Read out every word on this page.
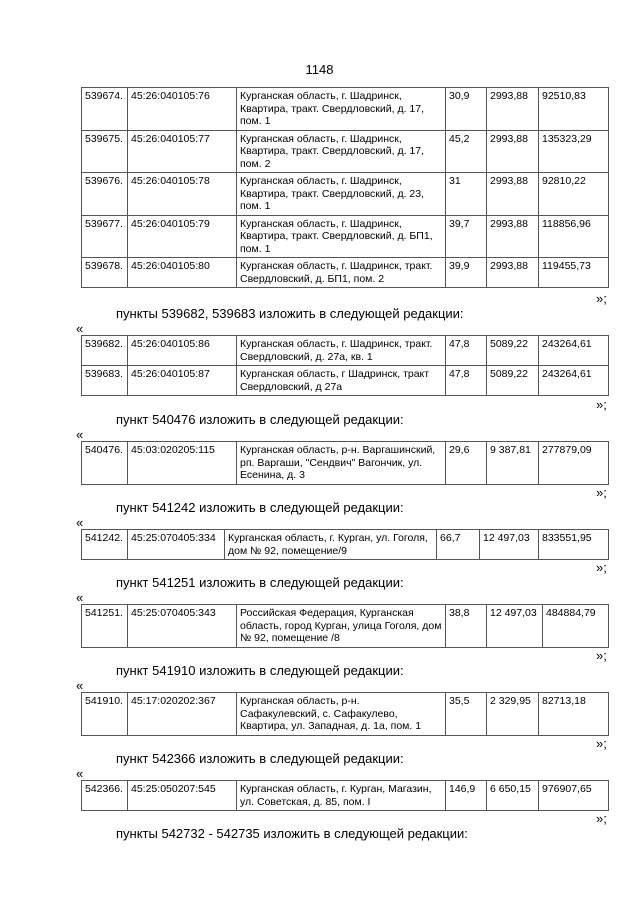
1148
539674.	45:26:040105:76	Курганская область, г. Шадринск, Квартира, тракт. Свердловский, д. 17, пом. 1	30,9	2993,88	92510,83
539675.	45:26:040105:77	Курганская область, г. Шадринск, Квартира, тракт. Свердловский, д. 17, пом. 2	45,2	2993,88	135323,29
539676.	45:26:040105:78	Курганская область, г. Шадринск, Квартира, тракт. Свердловский, д. 23, пом. 1	31	2993,88	92810,22
539677.	45:26:040105:79	Курганская область, г. Шадринск, Квартира, тракт. Свердловский, д. БП1, пом. 1	39,7	2993,88	118856,96
539678.	45:26:040105:80	Курганская область, г. Шадринск, тракт. Свердловский, д. БП1, пом. 2	39,9	2993,88	119455,73
»;
пункты 539682, 539683 изложить в следующей редакции:
«
539682.	45:26:040105:86	Курганская область, г. Шадринск, тракт. Свердловский, д. 27а, кв. 1	47,8	5089,22	243264,61
539683.	45:26:040105:87	Курганская область, г Шадринск, тракт Свердловский, д 27а	47,8	5089,22	243264,61
»;
пункт 540476 изложить в следующей редакции:
«
540476.	45:03:020205:115	Курганская область, р-н. Варгашинский, рп. Варгаши, "Сендвич" Вагончик, ул. Есенина, д. 3	29,6	9 387,81	277879,09
»;
пункт 541242 изложить в следующей редакции:
«
541242.	45:25:070405:334	Курганская область, г. Курган, ул. Гоголя, дом № 92, помещение/9	66,7	12 497,03	833551,95
»;
пункт 541251 изложить в следующей редакции:
«
541251.	45:25:070405:343	Российская Федерация, Курганская область, город Курган, улица Гоголя, дом № 92, помещение /8	38,8	12 497,03	484884,79
»;
пункт 541910 изложить в следующей редакции:
«
541910.	45:17:020202:367	Курганская область, р-н. Сафакулевский, с. Сафакулево, Квартира, ул. Западная, д. 1а, пом. 1	35,5	2 329,95	82713,18
»;
пункт 542366 изложить в следующей редакции:
«
542366.	45:25:050207:545	Курганская область, г. Курган, Магазин, ул. Советская, д. 85, пом. I	146,9	6 650,15	976907,65
»;
пункты 542732 - 542735 изложить в следующей редакции:
